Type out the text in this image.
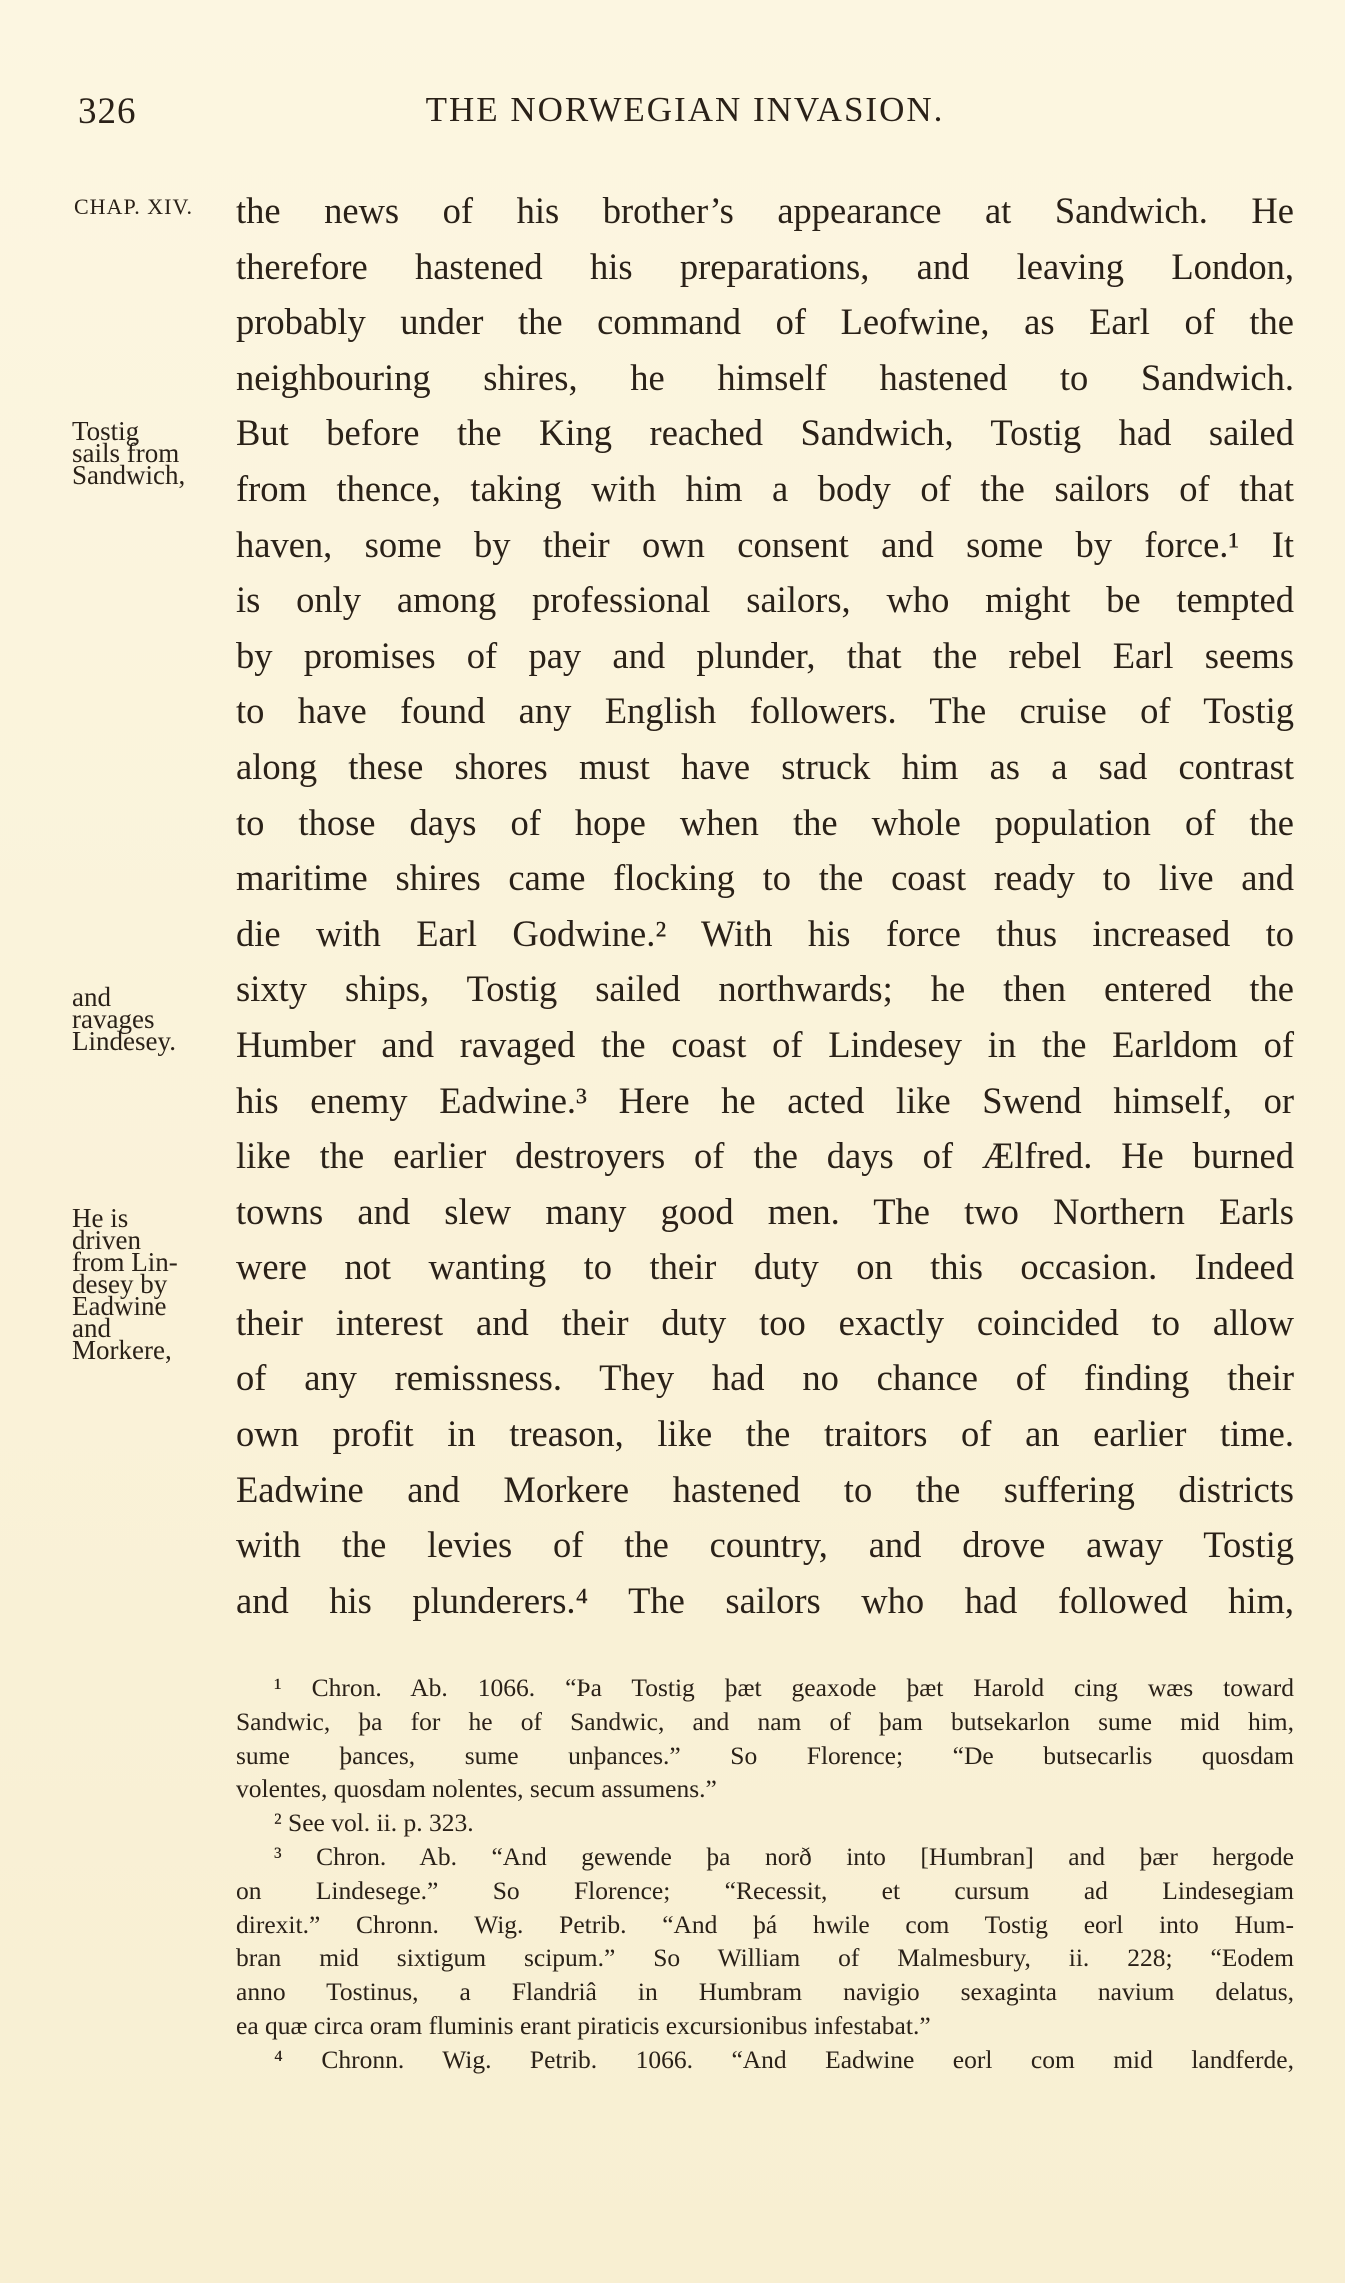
326	THE NORWEGIAN INVASION.
CHAP. XIV.
Tostig
sails from
Sandwich,
and
ravages
Lindesey.
He is
driven
from Lin-
desey by
Eadwine
and
Morkere,
the news of his brother’s appearance at Sandwich. He
therefore hastened his preparations, and leaving London,
probably under the command of Leofwine, as Earl of the
neighbouring shires, he himself hastened to Sandwich.
But before the King reached Sandwich, Tostig had sailed
from thence, taking with him a body of the sailors of that
haven, some by their own consent and some by force.¹ It
is only among professional sailors, who might be tempted
by promises of pay and plunder, that the rebel Earl seems
to have found any English followers. The cruise of Tostig
along these shores must have struck him as a sad contrast
to those days of hope when the whole population of the
maritime shires came flocking to the coast ready to live and
die with Earl Godwine.² With his force thus increased to
sixty ships, Tostig sailed northwards; he then entered the
Humber and ravaged the coast of Lindesey in the Earldom of
his enemy Eadwine.³ Here he acted like Swend himself, or
like the earlier destroyers of the days of Ælfred. He burned
towns and slew many good men. The two Northern Earls
were not wanting to their duty on this occasion. Indeed
their interest and their duty too exactly coincided to allow
of any remissness. They had no chance of finding their
own profit in treason, like the traitors of an earlier time.
Eadwine and Morkere hastened to the suffering districts
with the levies of the country, and drove away Tostig
and his plunderers.⁴ The sailors who had followed him,
¹ Chron. Ab. 1066. “Þa Tostig þæt geaxode þæt Harold cing wæs toward
Sandwic, þa for he of Sandwic, and nam of þam butsekarlon sume mid him,
sume þances, sume unþances.” So Florence; “De butsecarlis quosdam
volentes, quosdam nolentes, secum assumens.”
² See vol. ii. p. 323.
³ Chron. Ab. “And gewende þa norð into [Humbran] and þær hergode
on Lindesege.” So Florence; “Recessit, et cursum ad Lindesegiam
direxit.” Chronn. Wig. Petrib. “And þá hwile com Tostig eorl into Hum-
bran mid sixtigum scipum.” So William of Malmesbury, ii. 228; “Eodem
anno Tostinus, a Flandriâ in Humbram navigio sexaginta navium delatus,
ea quæ circa oram fluminis erant piraticis excursionibus infestabat.”
⁴ Chronn. Wig. Petrib. 1066. “And Eadwine eorl com mid landferde,
